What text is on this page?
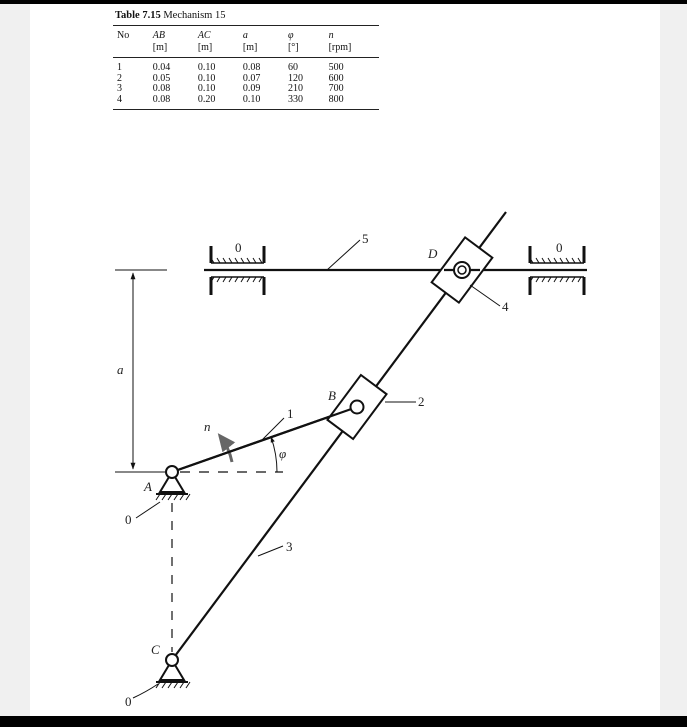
Table 7.15 Mechanism 15
No	AB	AC	a	φ	n
	[m]	[m]	[m]	[°]	[rpm]
1	0.04	0.10	0.08	60	500
2	0.05	0.10	0.07	120	600
3	0.08	0.10	0.09	210	700
4	0.08	0.20	0.10	330	800
a
0	0
φ
n
5
1
2
4
3
D
B
A
C
0
0
